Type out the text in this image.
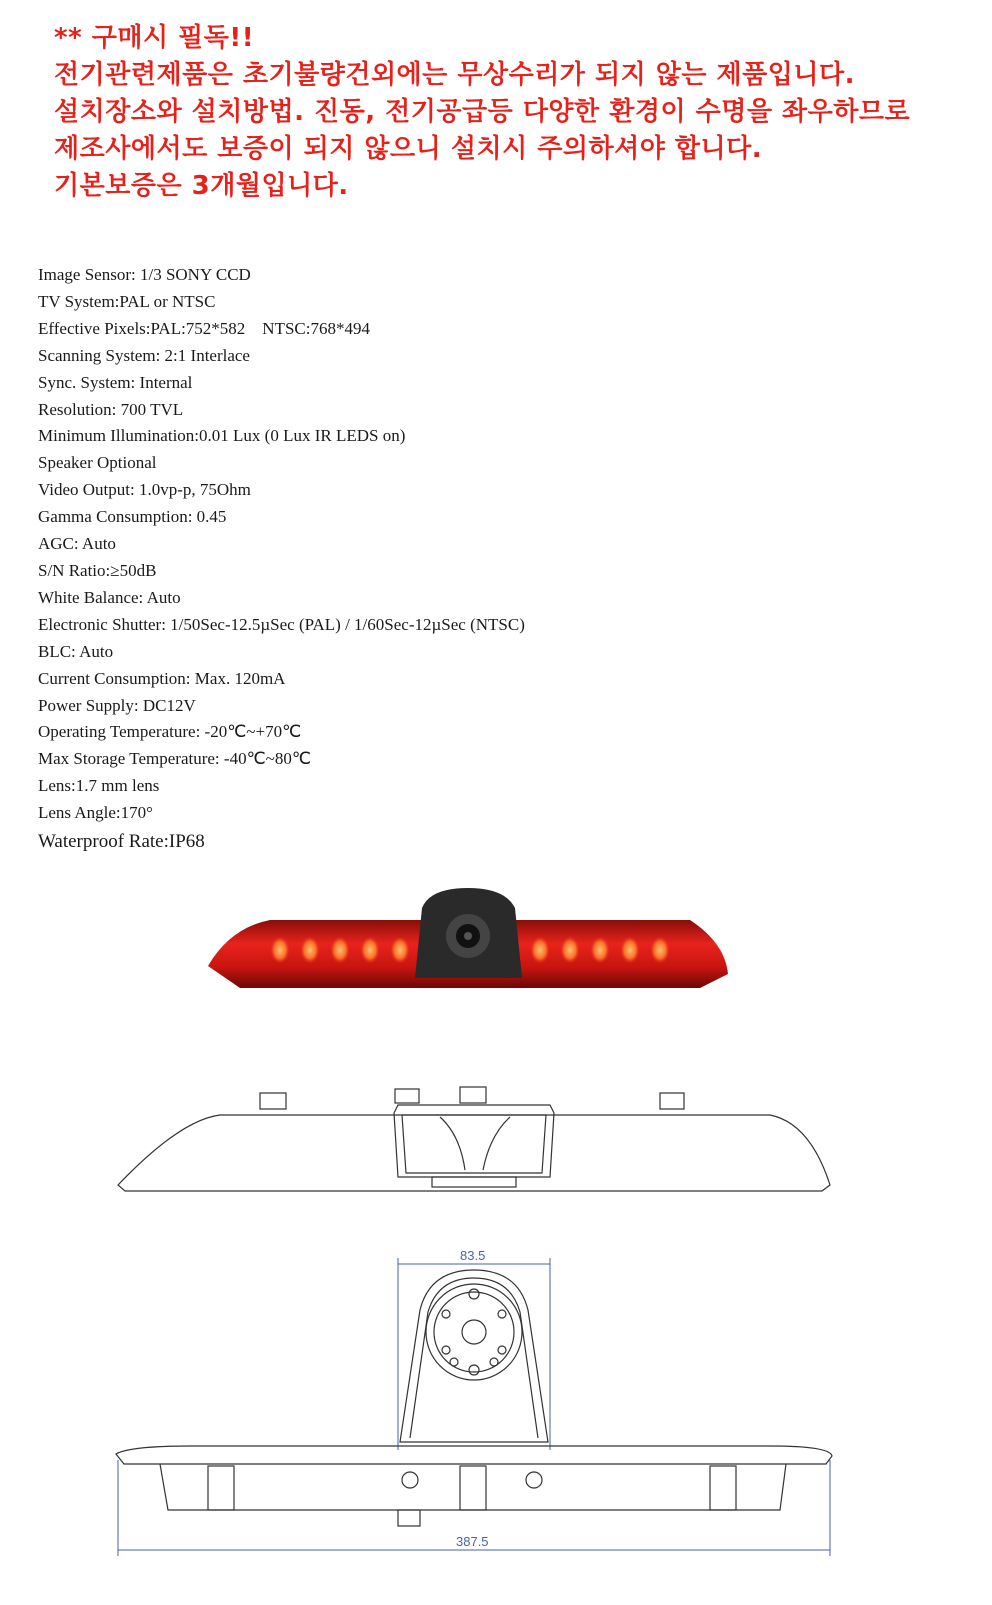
** 구매시 필독!!

전기관련제품은 초기불량건외에는 무상수리가 되지 않는 제품입니다.

설치장소와 설치방법. 진동, 전기공급등 다양한 환경이 수명을 좌우하므로

제조사에서도 보증이 되지 않으니 설치시 주의하셔야 합니다.

기본보증은 3개월입니다.

Image Sensor: 1/3 SONY CCD
TV System:PAL or NTSC
Effective Pixels:PAL:752*582    NTSC:768*494
Scanning System: 2:1 Interlace
Sync. System: Internal
Resolution: 700 TVL
Minimum Illumination:0.01 Lux (0 Lux IR LEDS on)
Speaker Optional
Video Output: 1.0vp-p, 75Ohm
Gamma Consumption: 0.45
AGC: Auto
S/N Ratio:≥50dB
White Balance: Auto
Electronic Shutter: 1/50Sec-12.5µSec (PAL) / 1/60Sec-12µSec (NTSC)
BLC: Auto
Current Consumption: Max. 120mA
Power Supply: DC12V
Operating Temperature: -20℃~+70℃
Max Storage Temperature: -40℃~80℃
Lens:1.7 mm lens
Lens Angle:170°
Waterproof Rate:IP68
83.5
387.5
